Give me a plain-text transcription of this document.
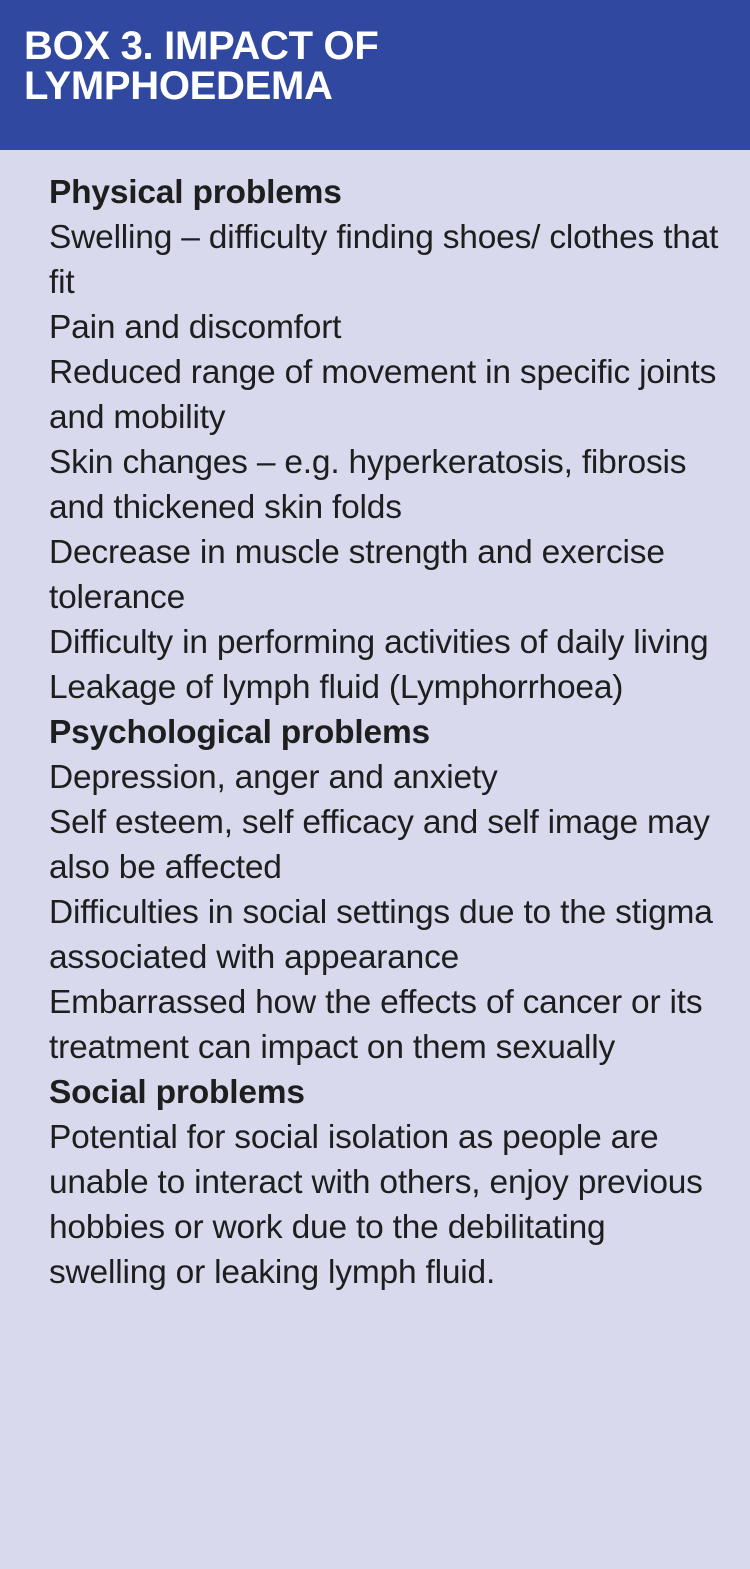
BOX 3. IMPACT OF LYMPHOEDEMA

Physical problems

Swelling – difficulty finding shoes/ clothes that fit

Pain and discomfort

Reduced range of movement in specific joints and mobility

Skin changes – e.g. hyperkeratosis, fibrosis and thickened skin folds

Decrease in muscle strength and exercise tolerance

Difficulty in performing activities of daily living

Leakage of lymph fluid (Lymphorrhoea)

Psychological problems

Depression, anger and anxiety

Self esteem, self efficacy and self image may also be affected

Difficulties in social settings due to the stigma associated with appearance

Embarrassed how the effects of cancer or its treatment can impact on them sexually

Social problems

Potential for social isolation as people are unable to interact with others, enjoy previous hobbies or work due to the debilitating swelling or leaking lymph fluid.
